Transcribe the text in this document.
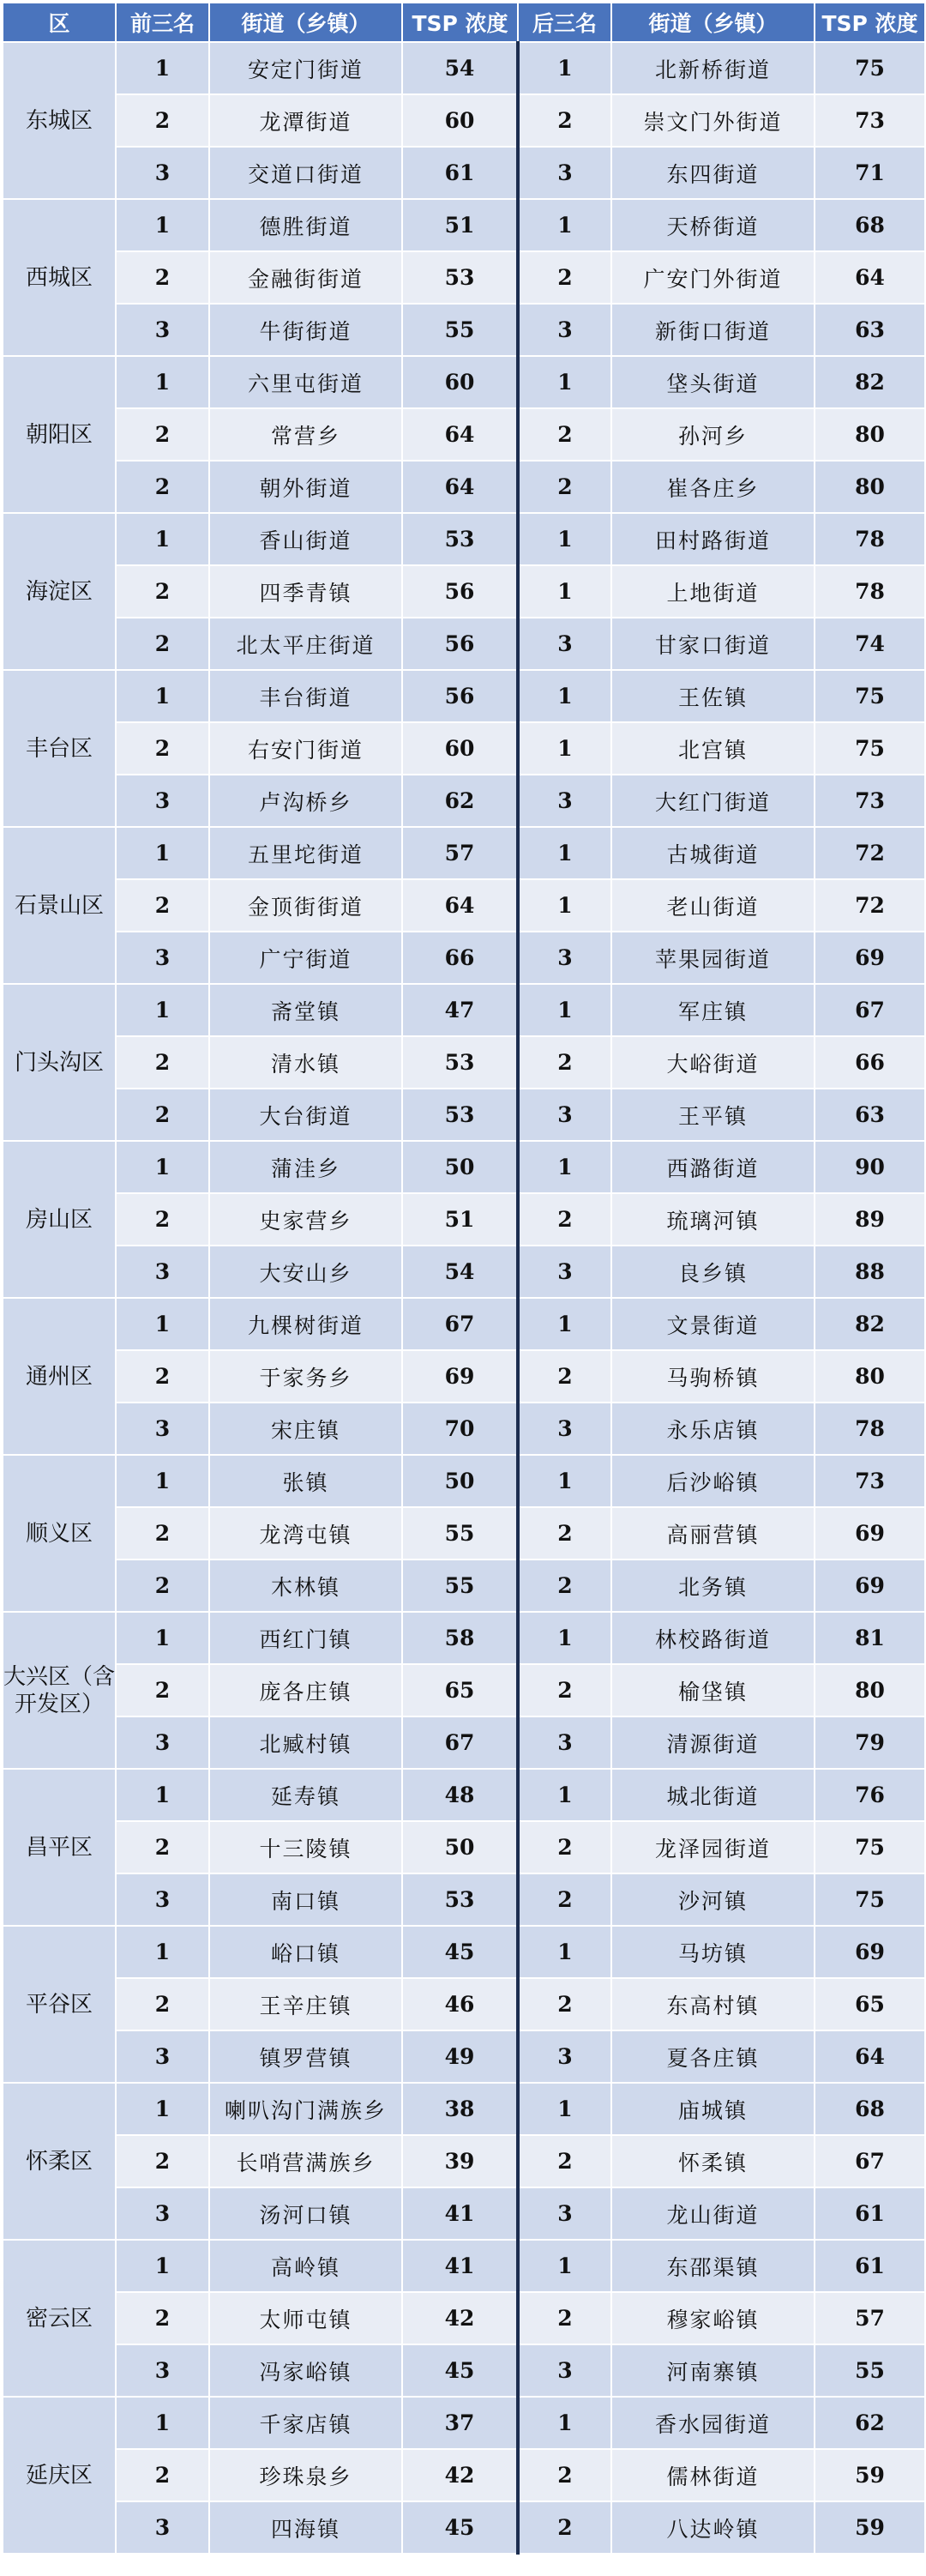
区	前三名	街道（乡镇）	TSP 浓度	后三名	街道（乡镇）	TSP 浓度
东城区	1	安定门街道	54	1	北新桥街道	75
	2	龙潭街道	60	2	崇文门外街道	73
	3	交道口街道	61	3	东四街道	71
西城区	1	德胜街道	51	1	天桥街道	68
	2	金融街街道	53	2	广安门外街道	64
	3	牛街街道	55	3	新街口街道	63
朝阳区	1	六里屯街道	60	1	垡头街道	82
	2	常营乡	64	2	孙河乡	80
	2	朝外街道	64	2	崔各庄乡	80
海淀区	1	香山街道	53	1	田村路街道	78
	2	四季青镇	56	1	上地街道	78
	2	北太平庄街道	56	3	甘家口街道	74
丰台区	1	丰台街道	56	1	王佐镇	75
	2	右安门街道	60	1	北宫镇	75
	3	卢沟桥乡	62	3	大红门街道	73
石景山区	1	五里坨街道	57	1	古城街道	72
	2	金顶街街道	64	1	老山街道	72
	3	广宁街道	66	3	苹果园街道	69
门头沟区	1	斋堂镇	47	1	军庄镇	67
	2	清水镇	53	2	大峪街道	66
	2	大台街道	53	3	王平镇	63
房山区	1	蒲洼乡	50	1	西潞街道	90
	2	史家营乡	51	2	琉璃河镇	89
	3	大安山乡	54	3	良乡镇	88
通州区	1	九棵树街道	67	1	文景街道	82
	2	于家务乡	69	2	马驹桥镇	80
	3	宋庄镇	70	3	永乐店镇	78
顺义区	1	张镇	50	1	后沙峪镇	73
	2	龙湾屯镇	55	2	高丽营镇	69
	2	木林镇	55	2	北务镇	69
大兴区（含开发区）	1	西红门镇	58	1	林校路街道	81
	2	庞各庄镇	65	2	榆垡镇	80
	3	北臧村镇	67	3	清源街道	79
昌平区	1	延寿镇	48	1	城北街道	76
	2	十三陵镇	50	2	龙泽园街道	75
	3	南口镇	53	2	沙河镇	75
平谷区	1	峪口镇	45	1	马坊镇	69
	2	王辛庄镇	46	2	东高村镇	65
	3	镇罗营镇	49	3	夏各庄镇	64
怀柔区	1	喇叭沟门满族乡	38	1	庙城镇	68
	2	长哨营满族乡	39	2	怀柔镇	67
	3	汤河口镇	41	3	龙山街道	61
密云区	1	高岭镇	41	1	东邵渠镇	61
	2	太师屯镇	42	2	穆家峪镇	57
	3	冯家峪镇	45	3	河南寨镇	55
延庆区	1	千家店镇	37	1	香水园街道	62
	2	珍珠泉乡	42	2	儒林街道	59
	3	四海镇	45	2	八达岭镇	59
